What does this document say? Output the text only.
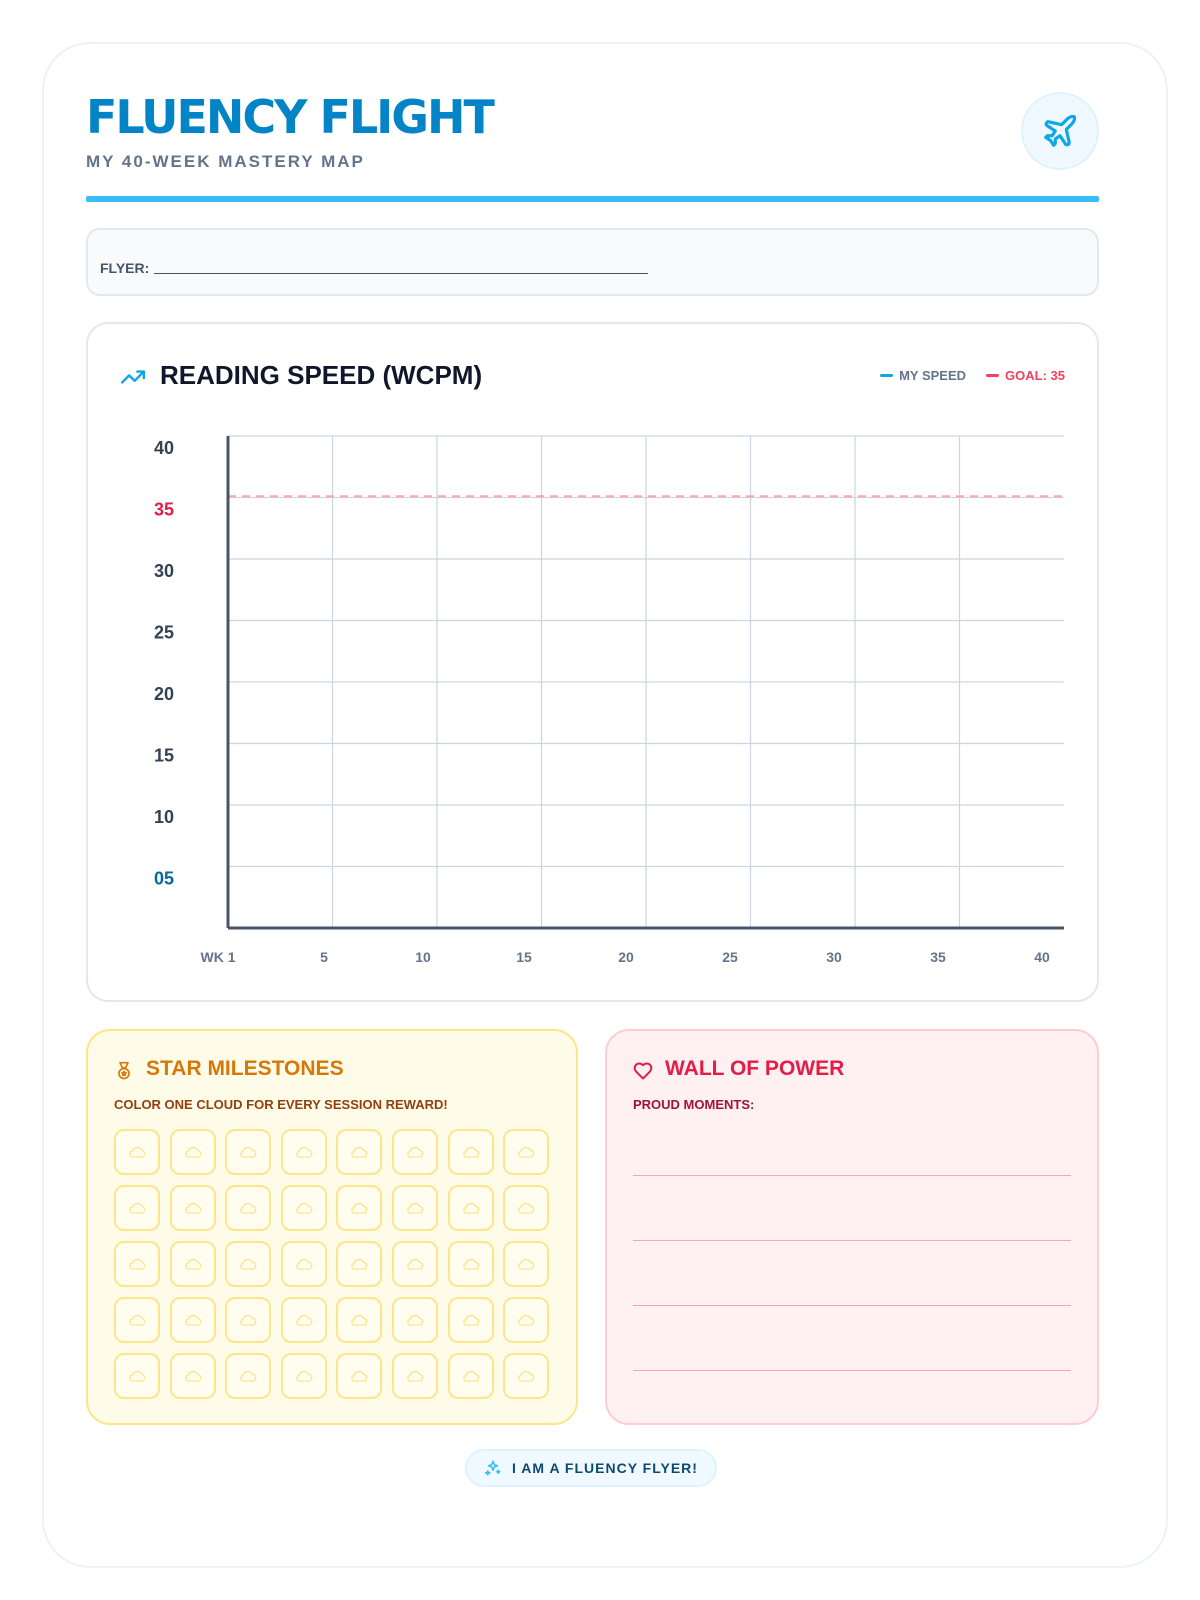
FLUENCY FLIGHT
MY 40-WEEK MASTERY MAP
FLYER:
READING SPEED (WCPM)	MY SPEED	GOAL: 35
40
35
30
25
20
15
10
05
WK 1	5	10	15	20	25	30	35	40
STAR MILESTONES
COLOR ONE CLOUD FOR EVERY SESSION REWARD!
WALL OF POWER
PROUD MOMENTS:
I AM A FLUENCY FLYER!
